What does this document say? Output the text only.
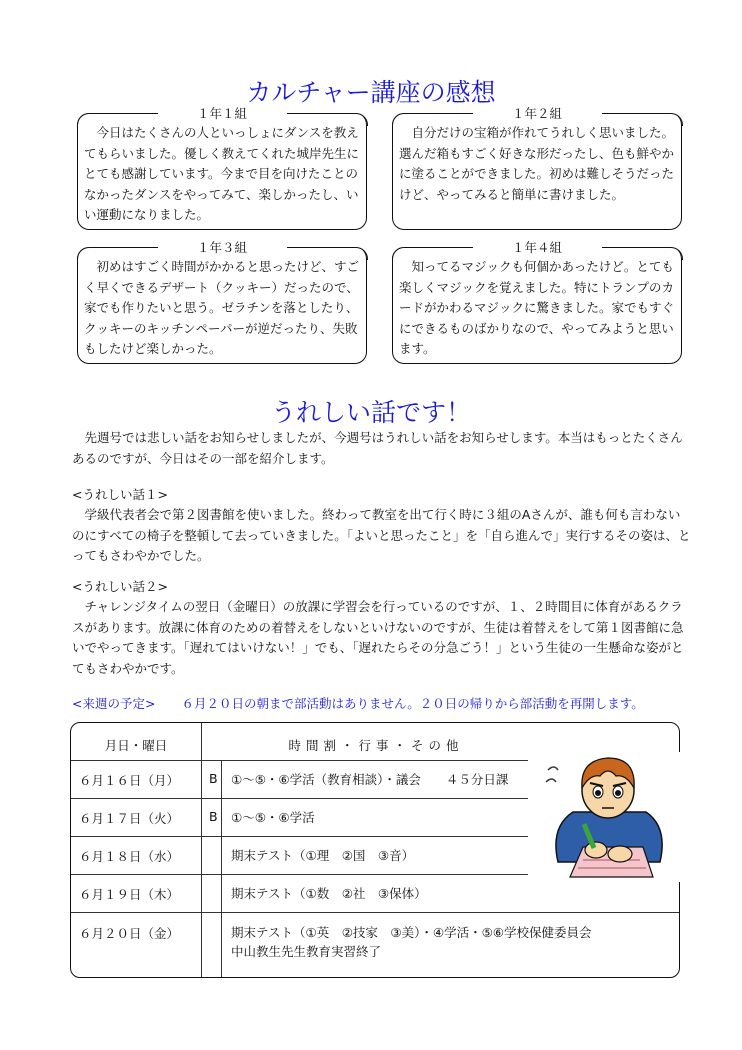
カルチャー講座の感想
１年１組
今日はたくさんの人といっしょにダンスを教えてもらいました。優しく教えてくれた城岸先生にとても感謝しています。今まで目を向けたことのなかったダンスをやってみて、楽しかったし、いい運動になりました。
１年２組
自分だけの宝箱が作れてうれしく思いました。選んだ箱もすごく好きな形だったし、色も鮮やかに塗ることができました。初めは難しそうだったけど、やってみると簡単に書けました。
１年３組
初めはすごく時間がかかると思ったけど、すごく早くできるデザート（クッキー）だったので、家でも作りたいと思う。ゼラチンを落としたり、クッキーのキッチンペーパーが逆だったり、失敗もしたけど楽しかった。
１年４組
知ってるマジックも何個かあったけど。とても楽しくマジックを覚えました。特にトランプのカードがかわるマジックに驚きました。家でもすぐにできるものばかりなので、やってみようと思います。
うれしい話です！
先週号では悲しい話をお知らせしましたが、今週号はうれしい話をお知らせします。本当はもっとたくさんあるのですが、今日はその一部を紹介します。
<うれしい話１>
学級代表者会で第２図書館を使いました。終わって教室を出て行く時に３組のAさんが、誰も何も言わないのにすべての椅子を整頓して去っていきました。「よいと思ったこと」を「自ら進んで」実行するその姿は、とってもさわやかでした。
<うれしい話２>
チャレンジタイムの翌日（金曜日）の放課に学習会を行っているのですが、１、２時間目に体育があるクラスがあります。放課に体育のための着替えをしないといけないのですが、生徒は着替えをして第１図書館に急いでやってきます。「遅れてはいけない！」でも、「遅れたらその分急ごう！」という生徒の一生懸命な姿がとてもさわやかです。
<来週の予定> ６月２０日の朝まで部活動はありません。２０日の帰りから部活動を再開します。
月日・曜日	時間割・行事・その他
６月１６日（月） B ①～⑤・⑥学活（教育相談）・議会　　４５分日課
６月１７日（火） B ①～⑤・⑥学活
６月１８日（水）	期末テスト（①理　②国　③音）
６月１９日（木）	期末テスト（①数　②社　③保体）
６月２０日（金）	期末テスト（①英　②技家　③美）・④学活・⑤⑥学校保健委員会
中山教生先生教育実習終了
